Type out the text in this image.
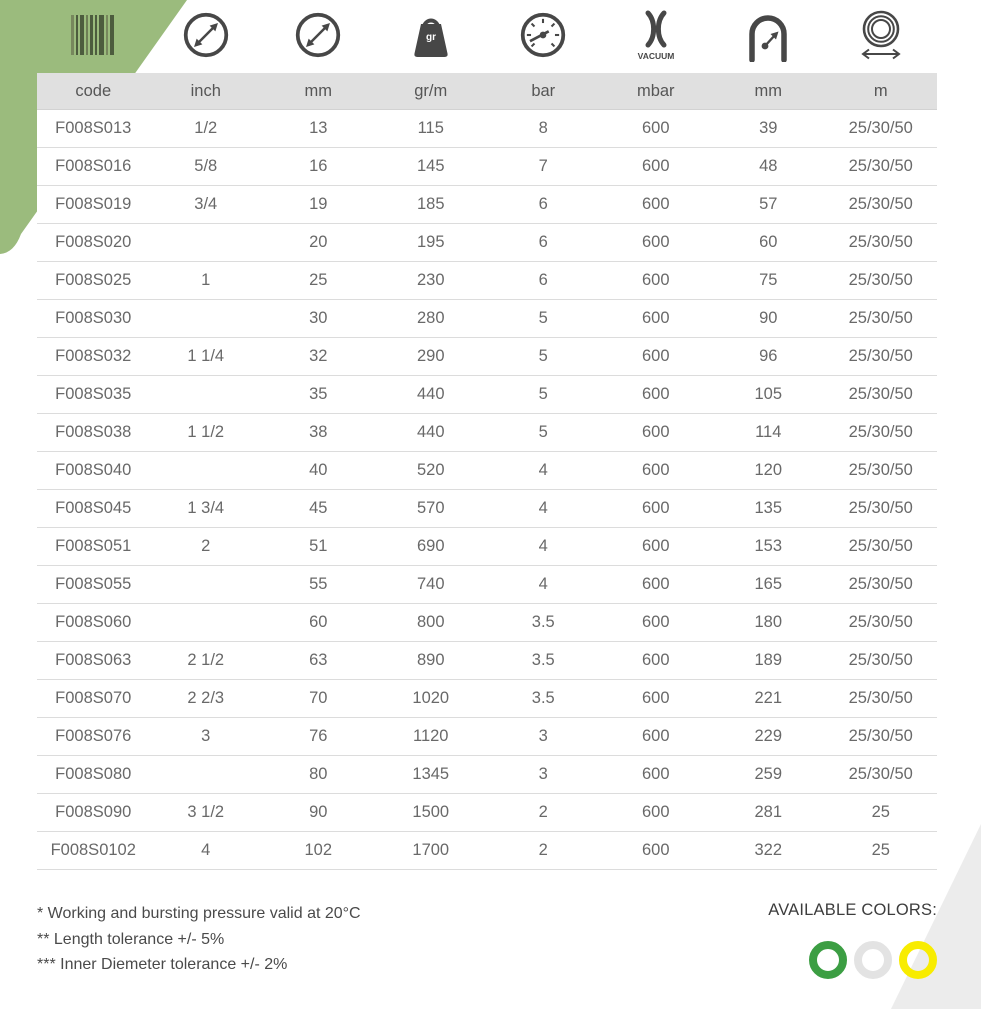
gr
VACUUM
code	inch	mm	gr/m	bar	mbar	mm	m
F008S013	1/2	13	115	8	600	39	25/30/50
F008S016	5/8	16	145	7	600	48	25/30/50
F008S019	3/4	19	185	6	600	57	25/30/50
F008S020		20	195	6	600	60	25/30/50
F008S025	1	25	230	6	600	75	25/30/50
F008S030		30	280	5	600	90	25/30/50
F008S032	1 1/4	32	290	5	600	96	25/30/50
F008S035		35	440	5	600	105	25/30/50
F008S038	1 1/2	38	440	5	600	114	25/30/50
F008S040		40	520	4	600	120	25/30/50
F008S045	1 3/4	45	570	4	600	135	25/30/50
F008S051	2	51	690	4	600	153	25/30/50
F008S055		55	740	4	600	165	25/30/50
F008S060		60	800	3.5	600	180	25/30/50
F008S063	2 1/2	63	890	3.5	600	189	25/30/50
F008S070	2 2/3	70	1020	3.5	600	221	25/30/50
F008S076	3	76	1120	3	600	229	25/30/50
F008S080		80	1345	3	600	259	25/30/50
F008S090	3 1/2	90	1500	2	600	281	25
F008S0102	4	102	1700	2	600	322	25
* Working and bursting pressure valid at 20°C
** Length tolerance +/- 5%
*** Inner Diemeter tolerance +/- 2%
AVAILABLE COLORS:
